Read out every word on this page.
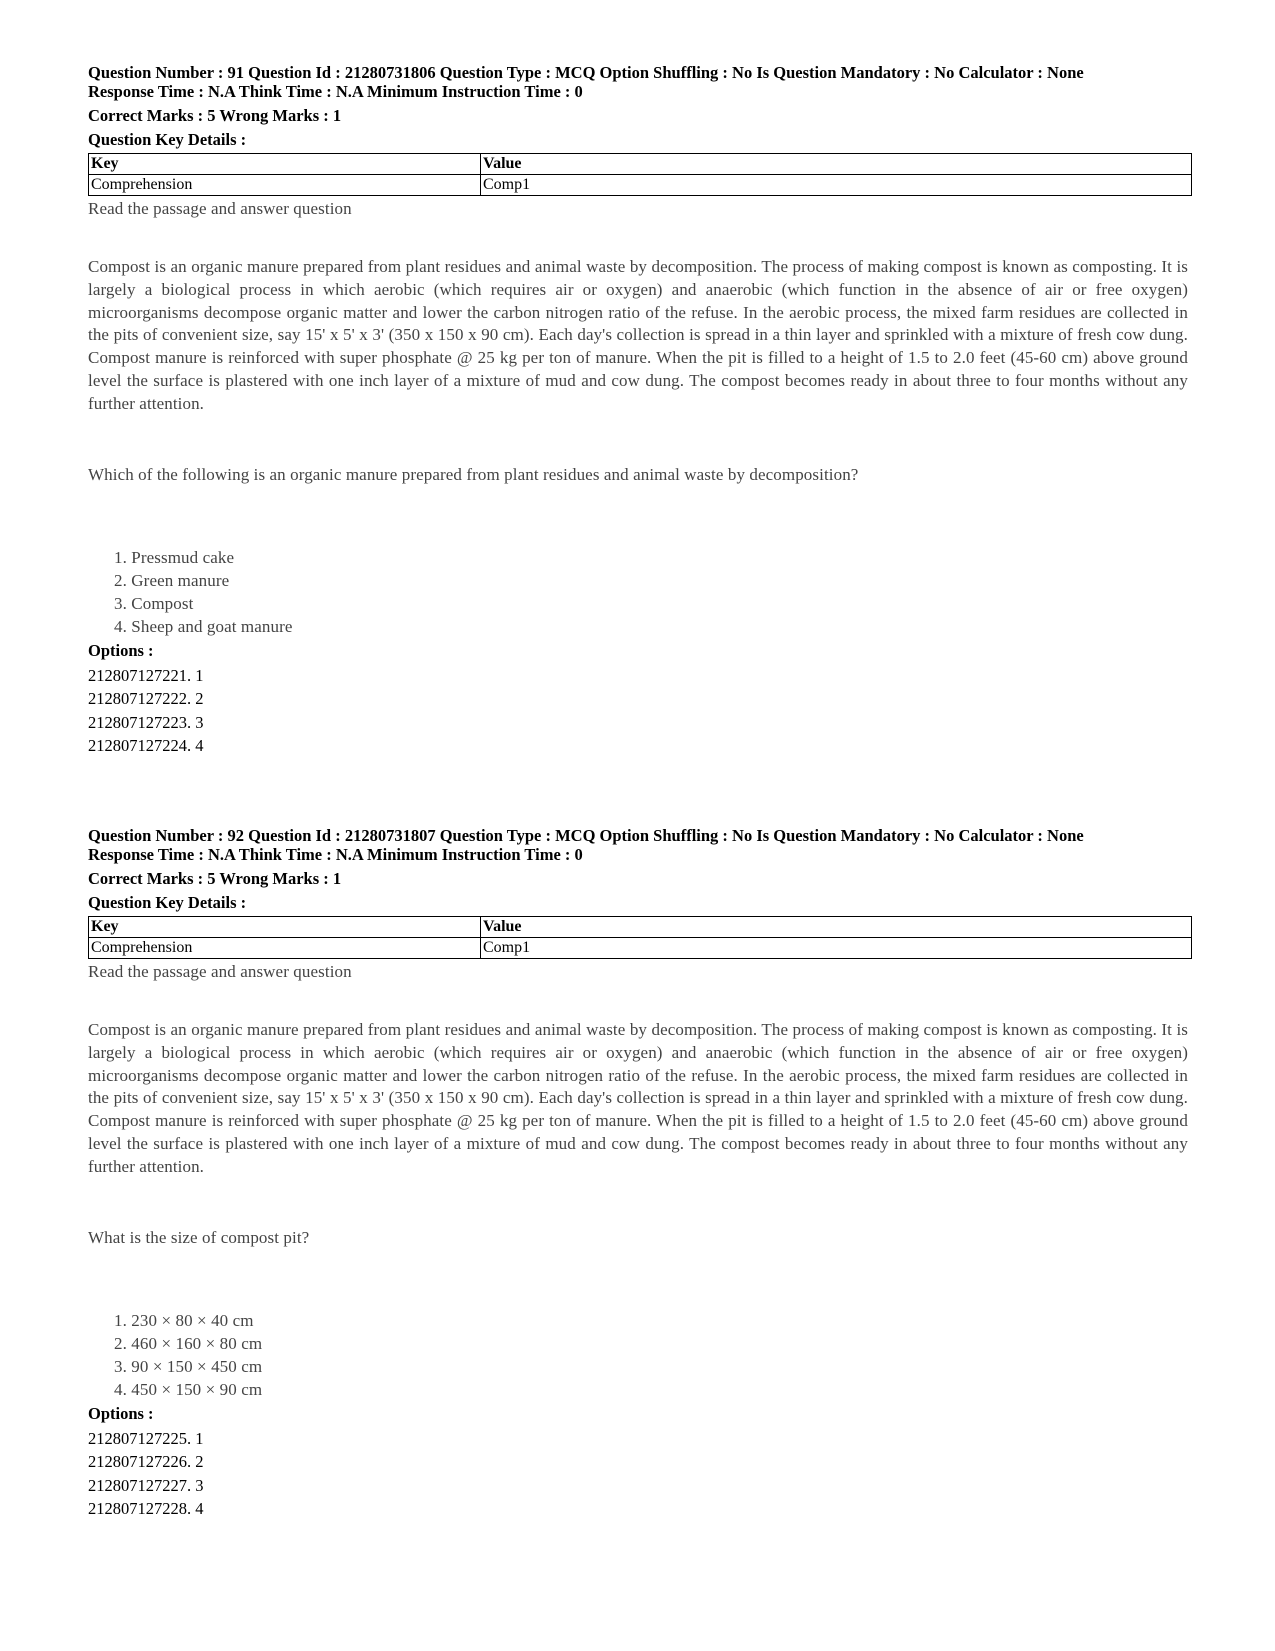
Question Number : 91 Question Id : 21280731806 Question Type : MCQ Option Shuffling : No Is Question Mandatory : No Calculator : None
Response Time : N.A Think Time : N.A Minimum Instruction Time : 0
Correct Marks : 5 Wrong Marks : 1
Question Key Details :
Key	Value
Comprehension	Comp1
Read the passage and answer question
Compost is an organic manure prepared from plant residues and animal waste by decomposition. The process of making compost is known as composting. It is largely a biological process in which aerobic (which requires air or oxygen) and anaerobic (which function in the absence of air or free oxygen) microorganisms decompose organic matter and lower the carbon nitrogen ratio of the refuse. In the aerobic process, the mixed farm residues are collected in the pits of convenient size, say 15' x 5' x 3' (350 x 150 x 90 cm). Each day's collection is spread in a thin layer and sprinkled with a mixture of fresh cow dung. Compost manure is reinforced with super phosphate @ 25 kg per ton of manure. When the pit is filled to a height of 1.5 to 2.0 feet (45-60 cm) above ground level the surface is plastered with one inch layer of a mixture of mud and cow dung. The compost becomes ready in about three to four months without any further attention.
Which of the following is an organic manure prepared from plant residues and animal waste by decomposition?
1. Pressmud cake
2. Green manure
3. Compost
4. Sheep and goat manure
Options :
212807127221. 1
212807127222. 2
212807127223. 3
212807127224. 4
Question Number : 92 Question Id : 21280731807 Question Type : MCQ Option Shuffling : No Is Question Mandatory : No Calculator : None
Response Time : N.A Think Time : N.A Minimum Instruction Time : 0
Correct Marks : 5 Wrong Marks : 1
Question Key Details :
Key	Value
Comprehension	Comp1
Read the passage and answer question
Compost is an organic manure prepared from plant residues and animal waste by decomposition. The process of making compost is known as composting. It is largely a biological process in which aerobic (which requires air or oxygen) and anaerobic (which function in the absence of air or free oxygen) microorganisms decompose organic matter and lower the carbon nitrogen ratio of the refuse. In the aerobic process, the mixed farm residues are collected in the pits of convenient size, say 15' x 5' x 3' (350 x 150 x 90 cm). Each day's collection is spread in a thin layer and sprinkled with a mixture of fresh cow dung. Compost manure is reinforced with super phosphate @ 25 kg per ton of manure. When the pit is filled to a height of 1.5 to 2.0 feet (45-60 cm) above ground level the surface is plastered with one inch layer of a mixture of mud and cow dung. The compost becomes ready in about three to four months without any further attention.
What is the size of compost pit?
1. 230 × 80 × 40 cm
2. 460 × 160 × 80 cm
3. 90 × 150 × 450 cm
4. 450 × 150 × 90 cm
Options :
212807127225. 1
212807127226. 2
212807127227. 3
212807127228. 4
